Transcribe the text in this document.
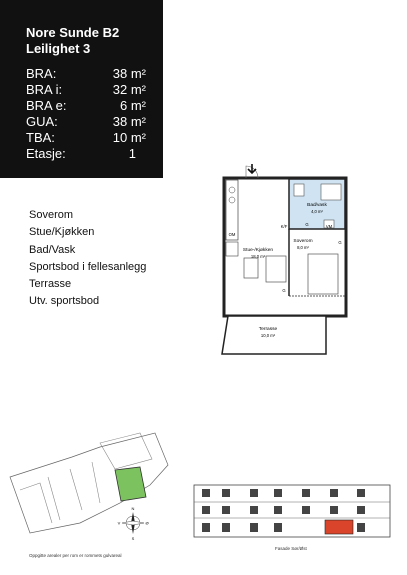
Nore Sunde B2
Leilighet 3
BRA:	38 m²
BRA i:	32 m²
BRA e:	6 m²
GUA:	38 m²
TBA:	10 m²
Etasje:	1
Soverom
Stue/Kjøkken
Bad/Vask
Sportsbod i fellesanlegg
Terrasse
Utv. sportsbod
Bad/vask
4,0 m²
Stue-/Kjøkken
18,0 m²
Soverom
8,0 m²
Terrasse
10,0 m²
OM
K/F	VM
G
G
G
N
S
Ø
V
Fasade Sør/Øst
Oppgitte arealer per rom er rommets gulvareal
